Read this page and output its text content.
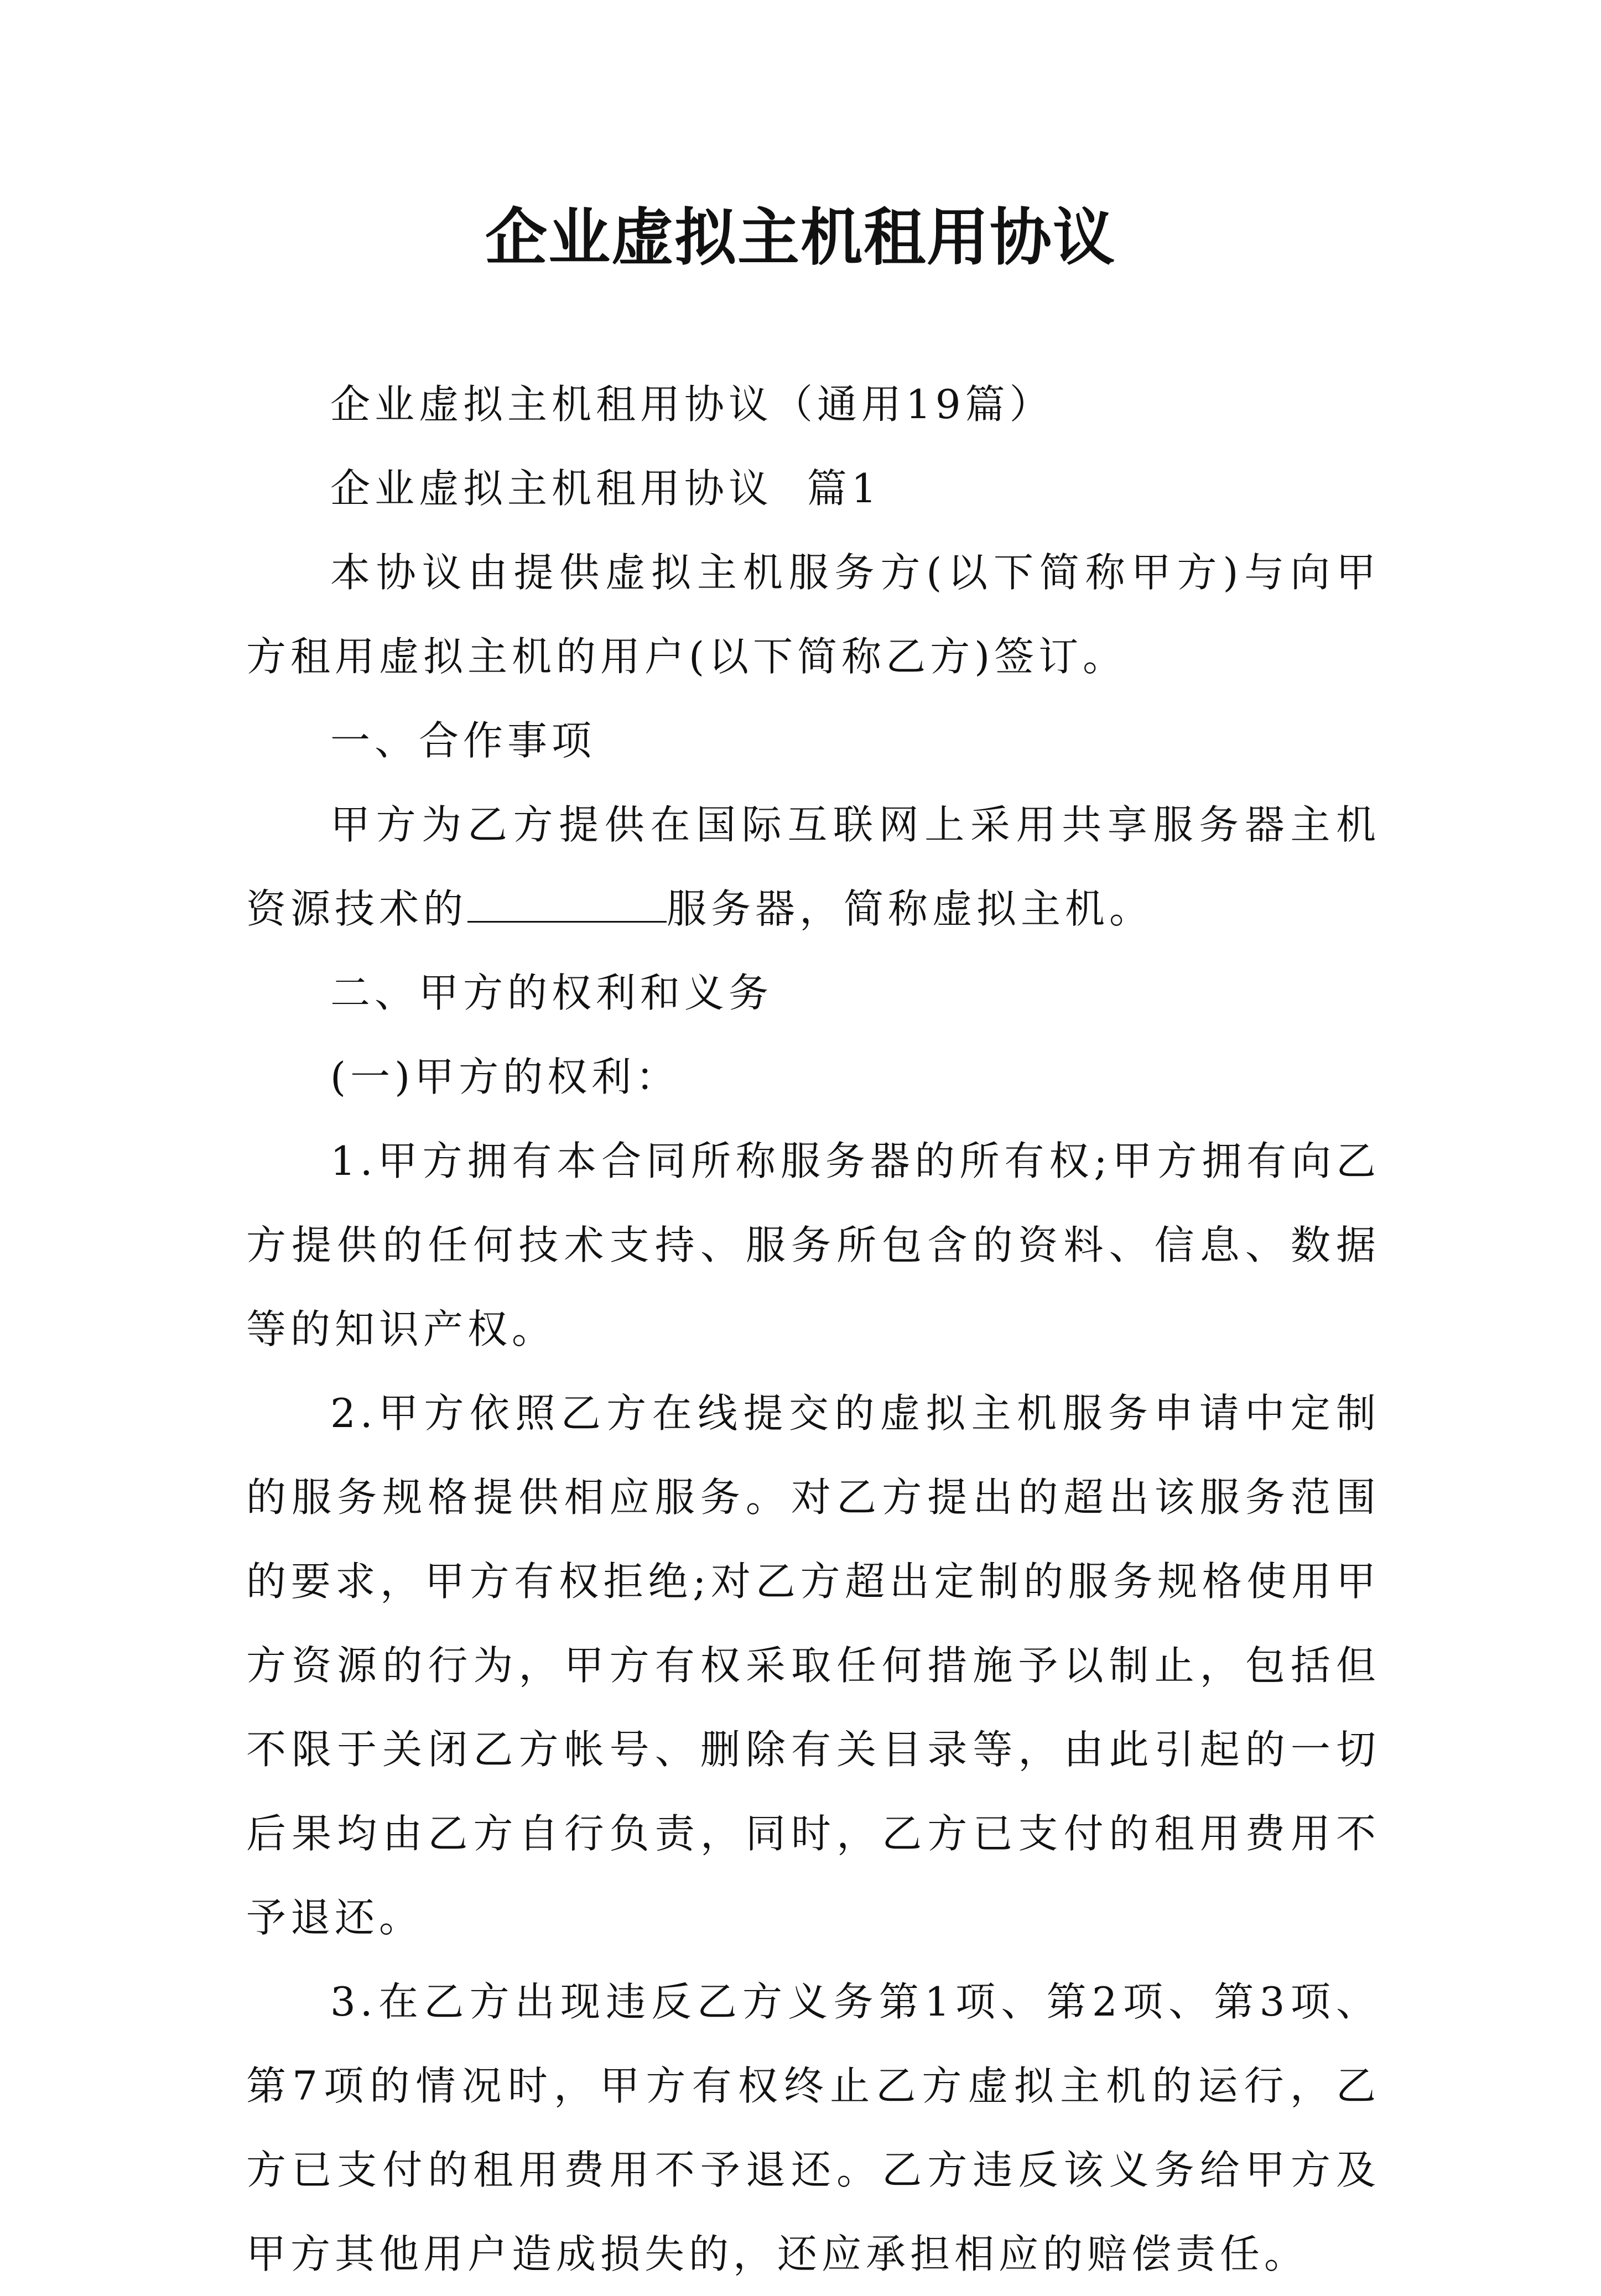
企业虚拟主机租用协议

企业虚拟主机租用协议（通用19篇）

企业虚拟主机租用协议  篇1

本协议由提供虚拟主机服务方(以下简称甲方)与向甲方租用虚拟主机的用户(以下简称乙方)签订。

一、合作事项

甲方为乙方提供在国际互联网上采用共享服务器主机资源技术的	服务器，简称虚拟主机。

二、甲方的权利和义务

(一)甲方的权利：

1.甲方拥有本合同所称服务器的所有权;甲方拥有向乙方提供的任何技术支持、服务所包含的资料、信息、数据等的知识产权。

2.甲方依照乙方在线提交的虚拟主机服务申请中定制的服务规格提供相应服务。对乙方提出的超出该服务范围的要求，甲方有权拒绝;对乙方超出定制的服务规格使用甲方资源的行为，甲方有权采取任何措施予以制止，包括但不限于关闭乙方帐号、删除有关目录等，由此引起的一切后果均由乙方自行负责，同时，乙方已支付的租用费用不予退还。

3.在乙方出现违反乙方义务第1项、第2项、第3项、第7项的情况时，甲方有权终止乙方虚拟主机的运行，乙方已支付的租用费用不予退还。乙方违反该义务给甲方及甲方其他用户造成损失的，还应承担相应的赔偿责任。
